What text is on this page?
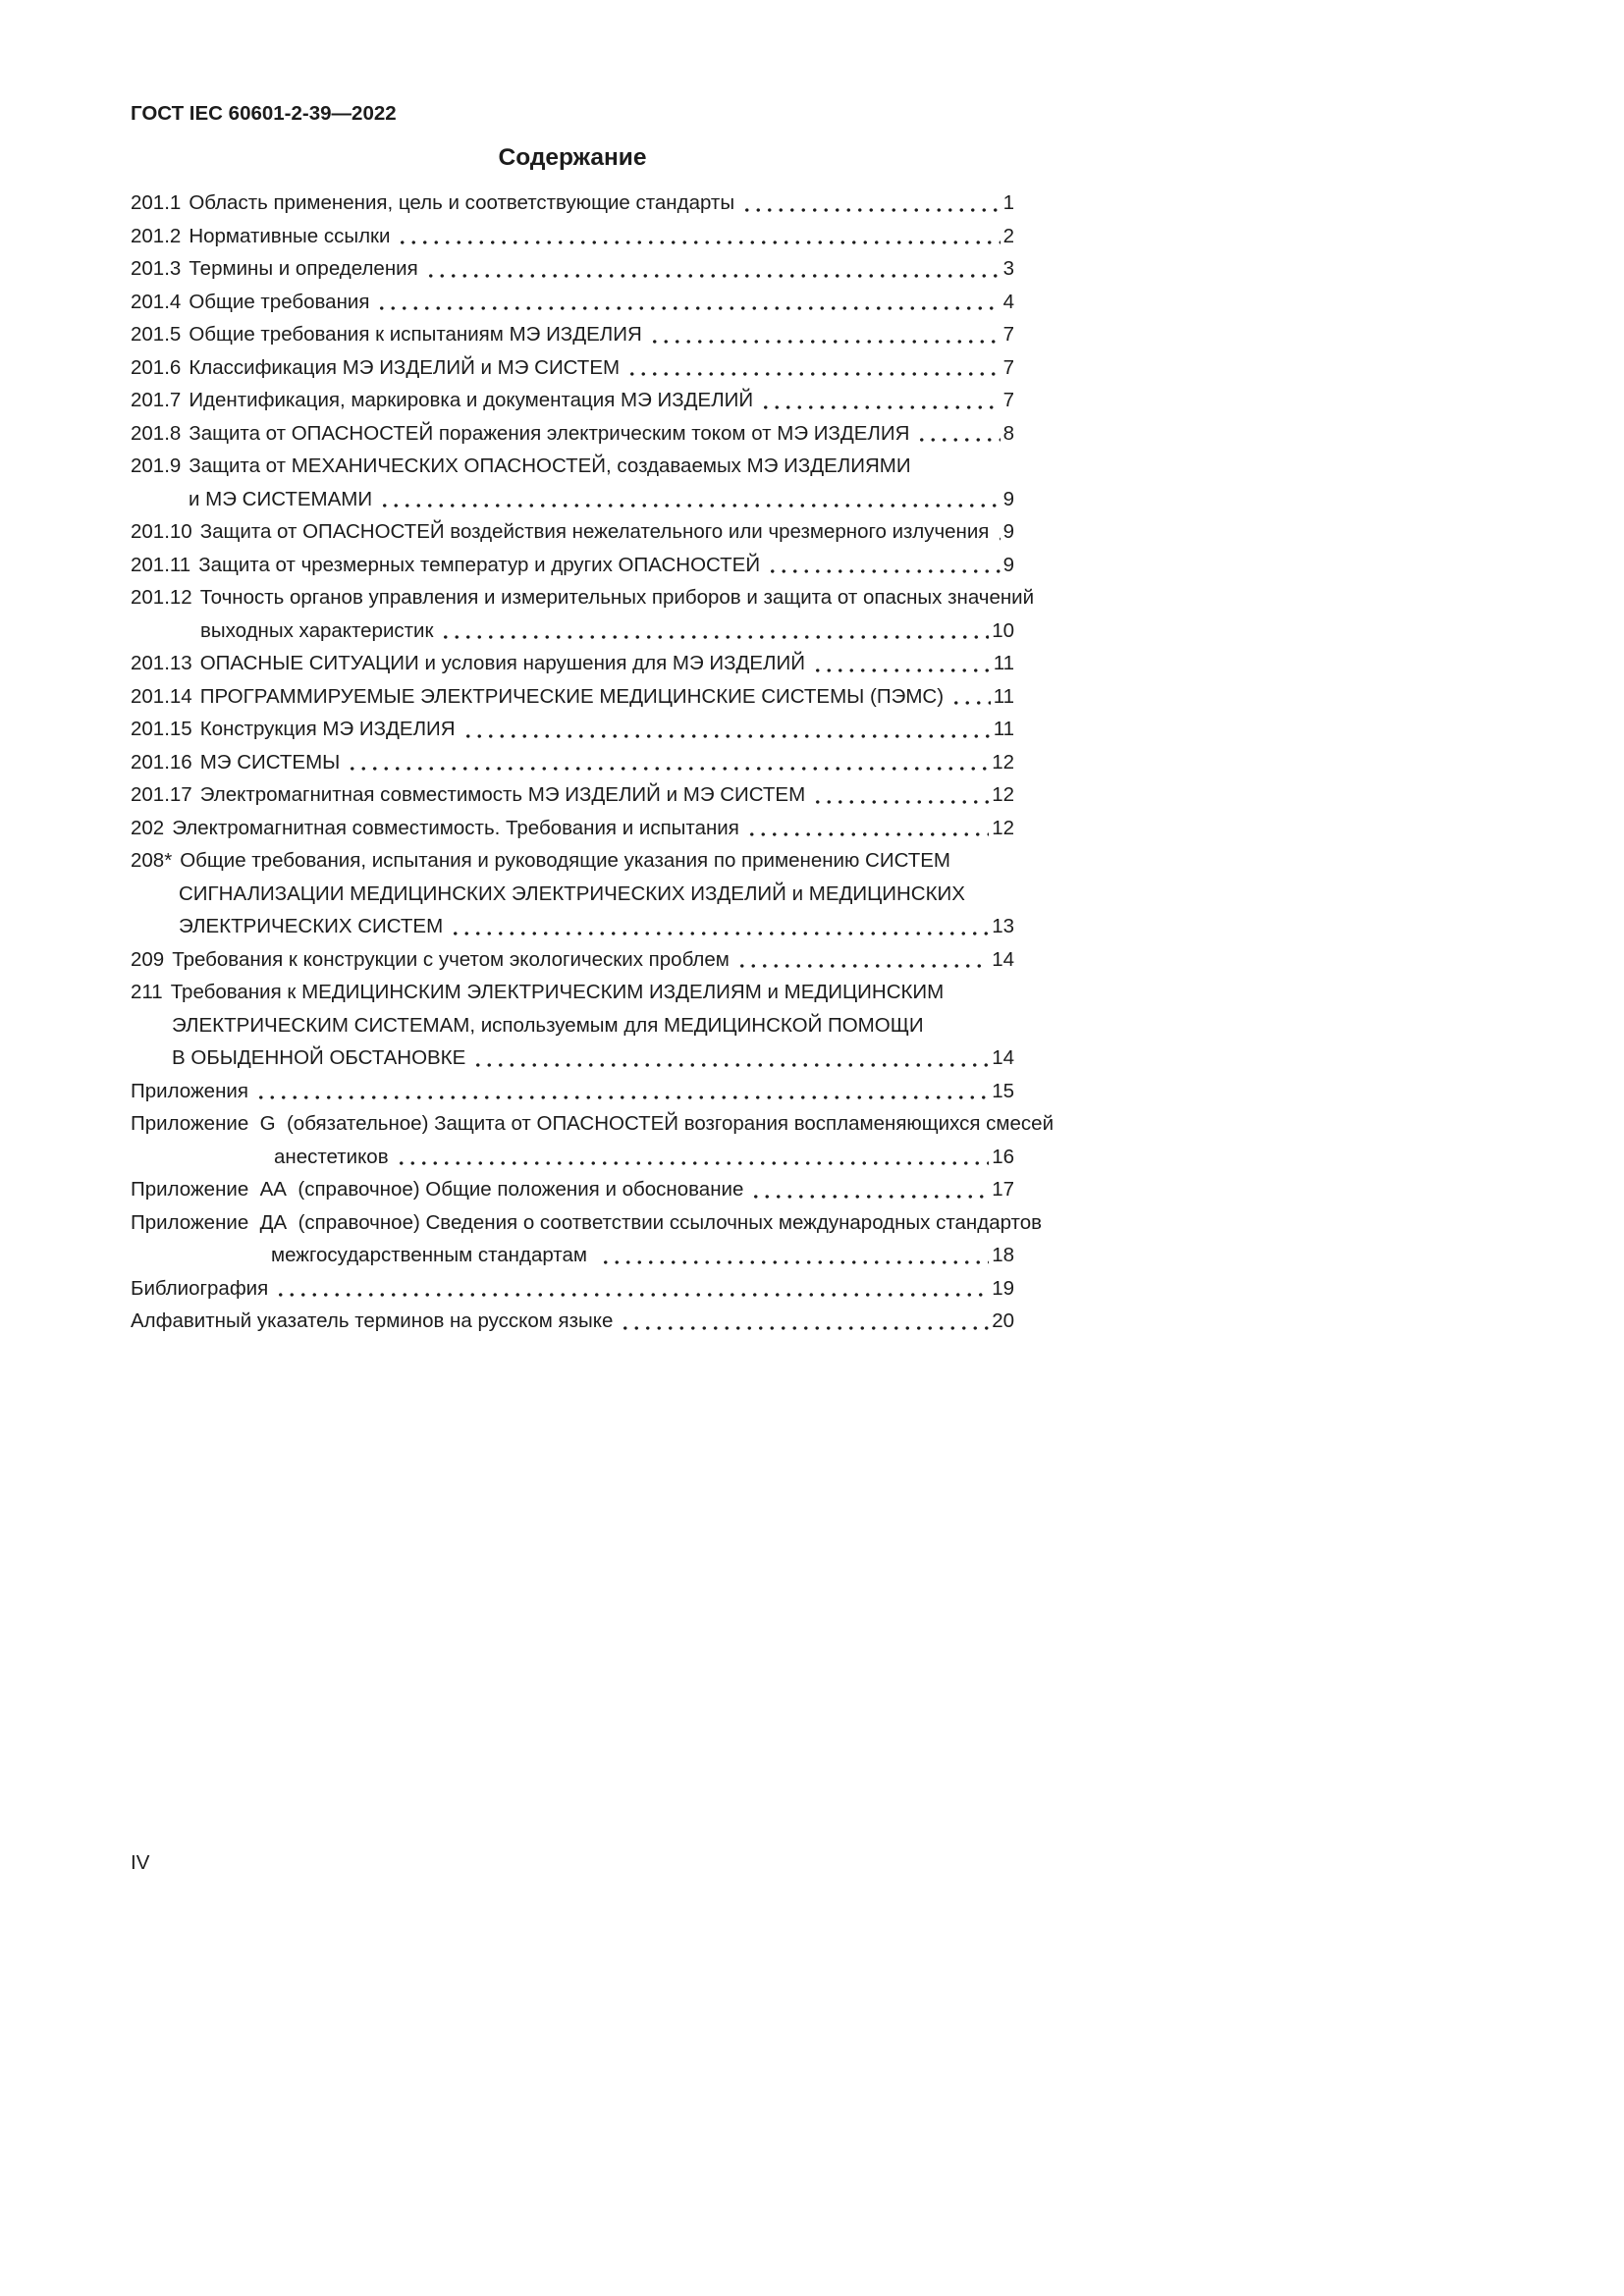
ГОСТ IEC 60601-2-39—2022
Содержание
201.1 Область применения, цель и соответствующие стандарты	1
201.2 Нормативные ссылки	2
201.3 Термины и определения	3
201.4 Общие требования	4
201.5 Общие требования к испытаниям МЭ ИЗДЕЛИЯ	7
201.6 Классификация МЭ ИЗДЕЛИЙ и МЭ СИСТЕМ	7
201.7 Идентификация, маркировка и документация МЭ ИЗДЕЛИЙ	7
201.8 Защита от ОПАСНОСТЕЙ поражения электрическим током от МЭ ИЗДЕЛИЯ	8
201.9 Защита от МЕХАНИЧЕСКИХ ОПАСНОСТЕЙ, создаваемых МЭ ИЗДЕЛИЯМИ
и МЭ СИСТЕМАМИ	9
201.10 Защита от ОПАСНОСТЕЙ воздействия нежелательного или чрезмерного излучения 9
201.11 Защита от чрезмерных температур и других ОПАСНОСТЕЙ	9
201.12 Точность органов управления и измерительных приборов и защита от опасных значений
выходных характеристик	10
201.13 ОПАСНЫЕ СИТУАЦИИ и условия нарушения для МЭ ИЗДЕЛИЙ	11
201.14 ПРОГРАММИРУЕМЫЕ ЭЛЕКТРИЧЕСКИЕ МЕДИЦИНСКИЕ СИСТЕМЫ (ПЭМС) 11
201.15 Конструкция МЭ ИЗДЕЛИЯ	11
201.16 МЭ СИСТЕМЫ	12
201.17 Электромагнитная совместимость МЭ ИЗДЕЛИЙ и МЭ СИСТЕМ	12
202 Электромагнитная совместимость. Требования и испытания	12
208* Общие требования, испытания и руководящие указания по применению СИСТЕМ
СИГНАЛИЗАЦИИ МЕДИЦИНСКИХ ЭЛЕКТРИЧЕСКИХ ИЗДЕЛИЙ и МЕДИЦИНСКИХ
ЭЛЕКТРИЧЕСКИХ СИСТЕМ	13
209 Требования к конструкции с учетом экологических проблем	14
211 Требования к МЕДИЦИНСКИМ ЭЛЕКТРИЧЕСКИМ ИЗДЕЛИЯМ и МЕДИЦИНСКИМ
ЭЛЕКТРИЧЕСКИМ СИСТЕМАМ, используемым для МЕДИЦИНСКОЙ ПОМОЩИ
В ОБЫДЕННОЙ ОБСТАНОВКЕ	14
Приложения	15
Приложение  G  (обязательное) Защита от ОПАСНОСТЕЙ возгорания воспламеняющихся смесей
анестетиков	16
Приложение  АА  (справочное) Общие положения и обоснование	17
Приложение  ДА  (справочное) Сведения о соответствии ссылочных международных стандартов
межгосударственным стандартам	18
Библиография	19
Алфавитный указатель терминов на русском языке	20
IV
